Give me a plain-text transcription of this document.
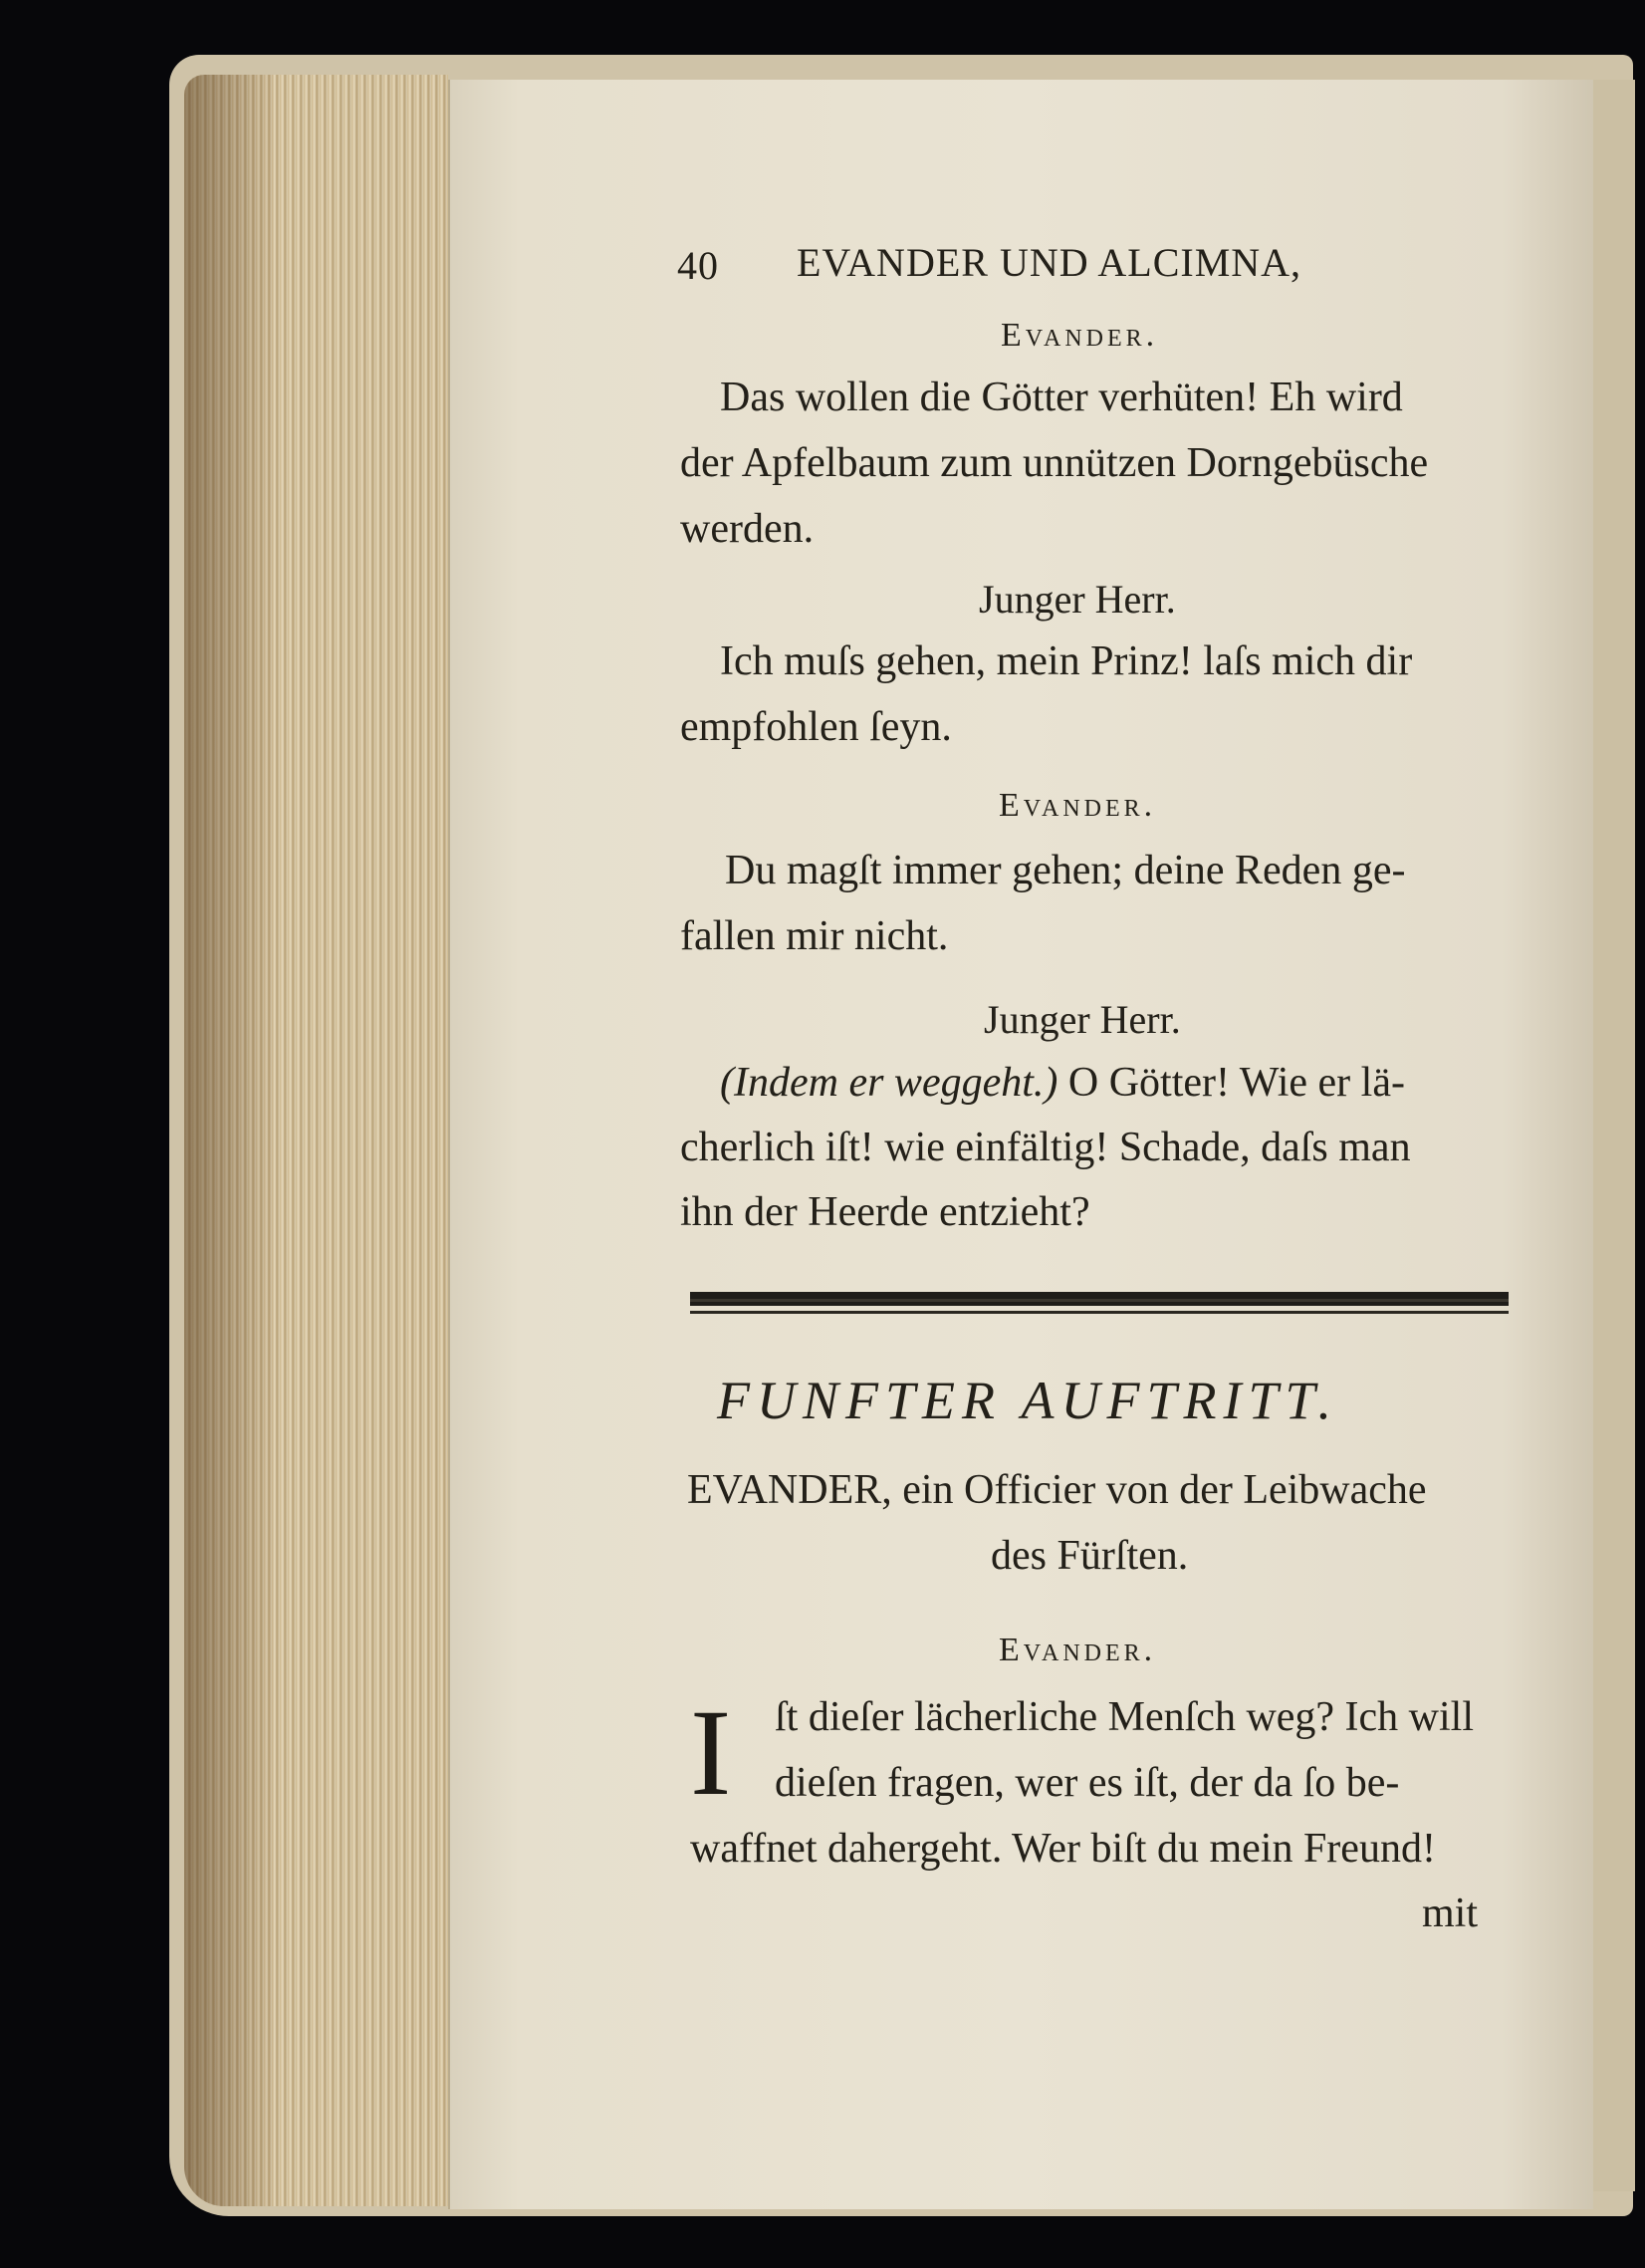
40 EVANDER UND ALCIMNA,
Evander.
Das wollen die Götter verhüten! Eh wird
der Apfelbaum zum unnützen Dorngebüsche
werden.
Junger Herr.
Ich muſs gehen, mein Prinz! laſs mich dir
empfohlen ſeyn.
Evander.
Du magſt immer gehen; deine Reden ge-
fallen mir nicht.
Junger Herr.
(Indem er weggeht.) O Götter! Wie er lä-
cherlich iſt! wie einfältig! Schade, daſs man
ihn der Heerde entzieht?
FUNFTER AUFTRITT.
EVANDER, ein Officier von der Leibwache
des Fürſten.
Evander.
I ſt dieſer lächerliche Menſch weg? Ich will
dieſen fragen, wer es iſt, der da ſo be-
waffnet dahergeht. Wer biſt du mein Freund!
mit
